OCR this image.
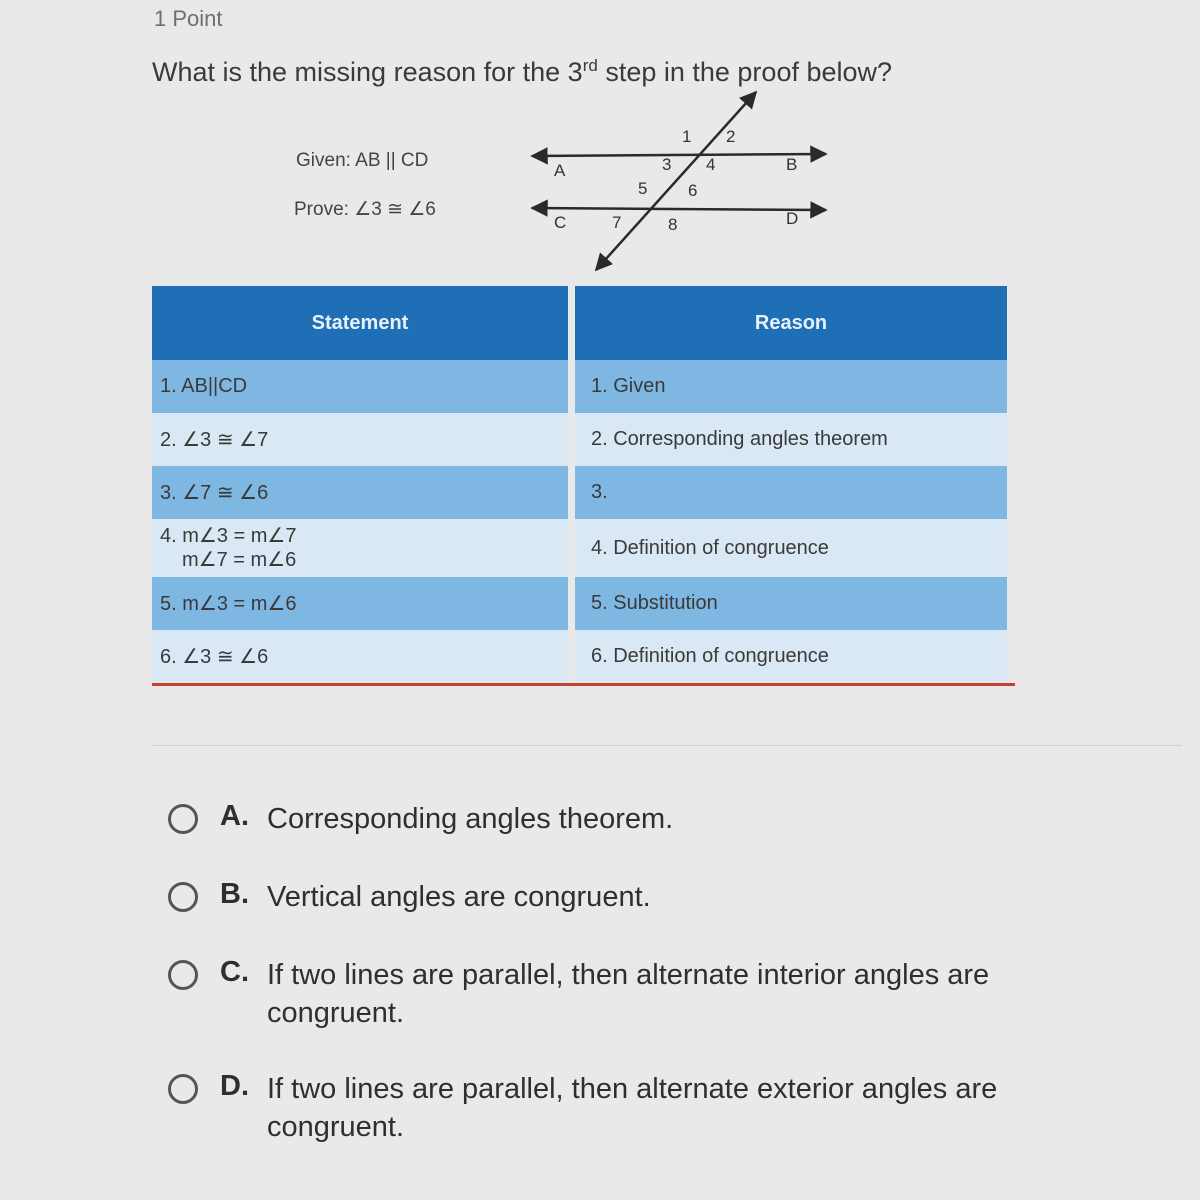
1 Point
What is the missing reason for the 3rd step in the proof below?
Given: AB || CD
Prove: ∠3 ≅ ∠6
A	B
C	D
1 2
3 4
5 6
7	8
Statement	Reason
1. AB||CD	1. Given
2. ∠3 ≅ ∠7	2. Corresponding angles theorem
3. ∠7 ≅ ∠6	3.
4. m∠3 = m∠7
m∠7 = m∠6
4. Definition of congruence
5. m∠3 = m∠6	5. Substitution
6. ∠3 ≅ ∠6	6. Definition of congruence
A. Corresponding angles theorem.
B. Vertical angles are congruent.
C. If two lines are parallel, then alternate interior angles are congruent.
D. If two lines are parallel, then alternate exterior angles are congruent.
